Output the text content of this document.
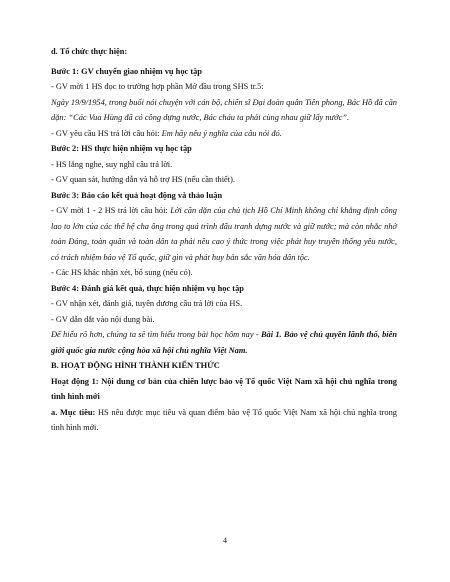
d. Tổ chức thực hiện:

Bước 1: GV chuyển giao nhiệm vụ học tập

- GV mời 1 HS đọc to trường hợp phần Mở đầu trong SHS tr.5:

Ngày 19/9/1954, trong buổi nói chuyện với cán bộ, chiến sĩ Đại đoàn quân Tiên phong, Bác Hồ đã căn dặn: “Các Vua Hùng đã có công dựng nước, Bác cháu ta phải cùng nhau giữ lấy nước”.

- GV yêu cầu HS trả lời câu hỏi: Em hãy nêu ý nghĩa của câu nói đó.

Bước 2: HS thực hiện nhiệm vụ học tập

- HS lắng nghe, suy nghĩ câu trả lời.

- GV quan sát, hướng dẫn và hỗ trợ HS (nếu cần thiết).

Bước 3: Báo cáo kết quả hoạt động và thảo luận

- GV mời 1 - 2 HS trả lời câu hỏi: Lời căn dặn của chủ tịch Hồ Chí Minh không chỉ khẳng định công lao to lớn của các thế hệ cha ông trong quá trình đấu tranh dựng nước và giữ nước; mà còn nhắc nhở toàn Đảng, toàn quân và toàn dân ta phải nêu cao ý thức trong việc phát huy truyền thống yêu nước, có trách nhiệm bảo vệ Tổ quốc, giữ gìn và phát huy bản sắc văn hóa dân tộc.

- Các HS khác nhận xét, bổ sung (nếu có).

Bước 4: Đánh giá kết quả, thực hiện nhiệm vụ học tập

- GV nhận xét, đánh giá, tuyên dương câu trả lời của HS.

- GV dẫn dắt vào nội dung bài.

Để hiểu rõ hơn, chúng ta sẽ tìm hiểu trong bài học hôm nay - Bài 1. Bảo vệ chủ quyền lãnh thổ, biên giới quốc gia nước cộng hòa xã hội chủ nghĩa Việt Nam.

B. HOẠT ĐỘNG HÌNH THÀNH KIẾN THỨC

Hoạt động 1: Nội dung cơ bản của chiến lược bảo vệ Tổ quốc Việt Nam xã hội chủ nghĩa trong tình hình mới

a. Mục tiêu: HS nêu được mục tiêu và quan điểm bảo vệ Tổ quốc Việt Nam xã hội chủ nghĩa trong tình hình mới.

4
